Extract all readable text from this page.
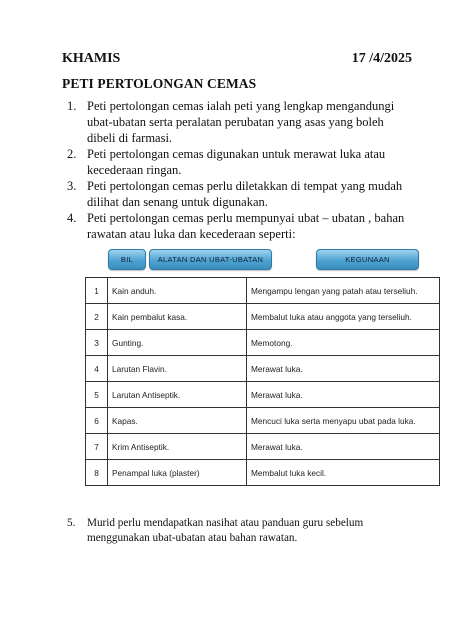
KHAMIS	17 /4/2025
PETI PERTOLONGAN CEMAS
1. Peti pertolongan cemas ialah peti yang lengkap mengandungi ubat-ubatan serta peralatan perubatan yang asas yang boleh dibeli di farmasi.
2. Peti pertolongan cemas digunakan untuk merawat luka atau kecederaan ringan.
3. Peti pertolongan cemas perlu diletakkan di tempat yang mudah dilihat dan senang untuk digunakan.
4. Peti pertolongan cemas perlu mempunyai ubat – ubatan , bahan rawatan atau luka dan kecederaan seperti:
BIL	ALATAN DAN UBAT-UBATAN	KEGUNAAN
1	Kain anduh.	Mengampu lengan yang patah atau terseliuh.
2	Kain pembalut kasa.	Membalut luka atau anggota yang terseliuh.
3	Gunting.	Memotong.
4	Larutan Flavin.	Merawat luka.
5	Larutan Antiseptik.	Merawat luka.
6	Kapas.	Mencuci luka serta menyapu ubat pada luka.
7	Krim Antiseptik.	Merawat luka.
8	Penampal luka (plaster)	Membalut luka kecil.
5.	Murid perlu mendapatkan nasihat atau panduan guru sebelum menggunakan ubat-ubatan atau bahan rawatan.
